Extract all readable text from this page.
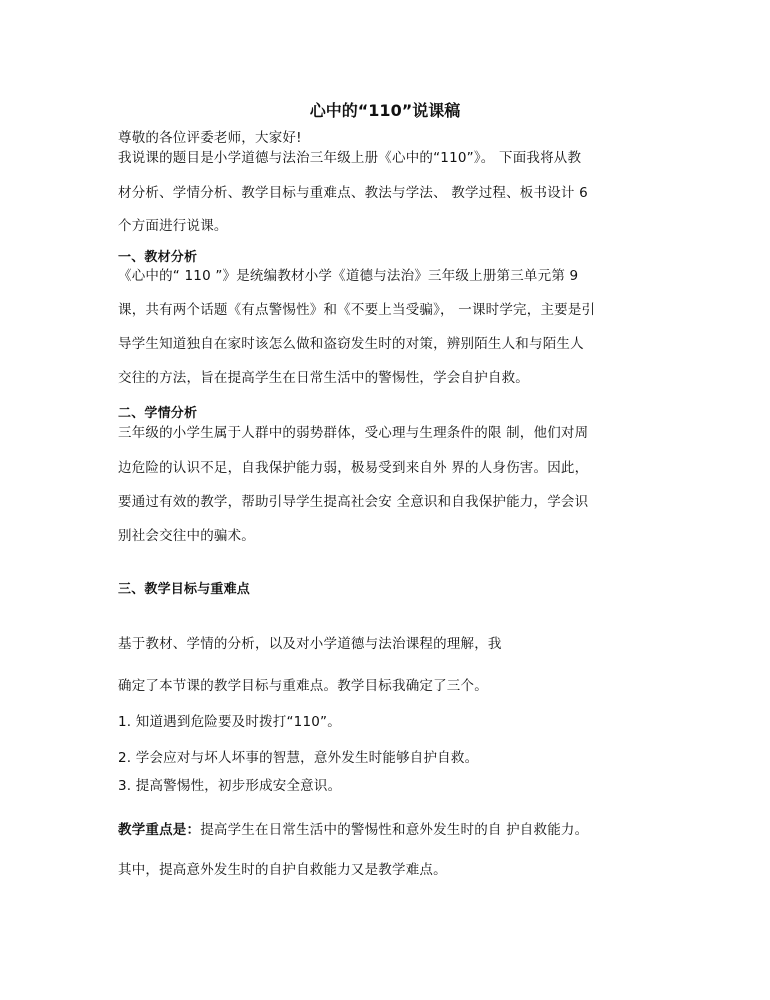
心中的“110”说课稿
尊敬的各位评委老师，大家好!
我说课的题目是小学道德与法治三年级上册《心中的“110”》。 下面我将从教
材分析、学情分析、教学目标与重难点、教法与学法、 教学过程、板书设计 6
个方面进行说课。
一、教材分析
《心中的“ 110 ”》是统编教材小学《道德与法治》三年级上册第三单元第 9
课，共有两个话题《有点警惕性》和《不要上当受骗》， 一课时学完，主要是引
导学生知道独自在家时该怎么做和盗窃发生时的对策，辨别陌生人和与陌生人
交往的方法，旨在提高学生在日常生活中的警惕性，学会自护自救。
二、学情分析
三年级的小学生属于人群中的弱势群体，受心理与生理条件的限 制，他们对周
边危险的认识不足，自我保护能力弱，极易受到来自外 界的人身伤害。因此，
要通过有效的教学，帮助引导学生提高社会安 全意识和自我保护能力，学会识
别社会交往中的骗术。
三、教学目标与重难点
基于教材、学情的分析，以及对小学道德与法治课程的理解，我
确定了本节课的教学目标与重难点。教学目标我确定了三个。
1. 知道遇到危险要及时拨打“110”。
2. 学会应对与坏人坏事的智慧，意外发生时能够自护自救。
3. 提高警惕性，初步形成安全意识。
教学重点是：提高学生在日常生活中的警惕性和意外发生时的自 护自救能力。
其中，提高意外发生时的自护自救能力又是教学难点。
